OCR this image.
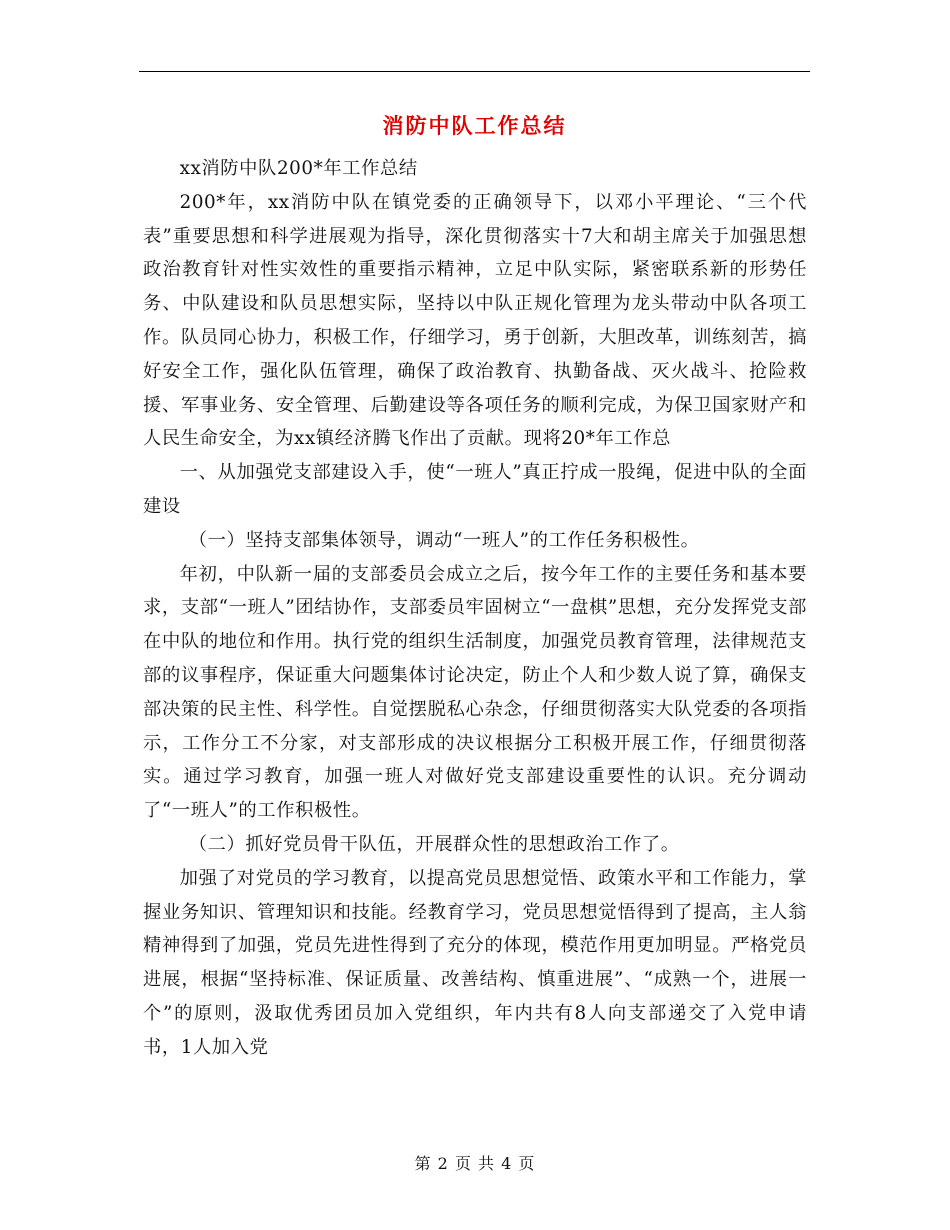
消防中队工作总结

xx消防中队200*年工作总结

200*年，xx消防中队在镇党委的正确领导下，以邓小平理论、“三个代表”重要思想和科学进展观为指导，深化贯彻落实十7大和胡主席关于加强思想政治教育针对性实效性的重要指示精神，立足中队实际，紧密联系新的形势任务、中队建设和队员思想实际，坚持以中队正规化管理为龙头带动中队各项工作。队员同心协力，积极工作，仔细学习，勇于创新，大胆改革，训练刻苦，搞好安全工作，强化队伍管理，确保了政治教育、执勤备战、灭火战斗、抢险救援、军事业务、安全管理、后勤建设等各项任务的顺利完成，为保卫国家财产和人民生命安全，为xx镇经济腾飞作出了贡献。现将20*年工作总

一、从加强党支部建设入手，使“一班人”真正拧成一股绳，促进中队的全面建设

（一）坚持支部集体领导，调动“一班人”的工作任务积极性。

年初，中队新一届的支部委员会成立之后，按今年工作的主要任务和基本要求，支部“一班人”团结协作，支部委员牢固树立“一盘棋”思想，充分发挥党支部在中队的地位和作用。执行党的组织生活制度，加强党员教育管理，法律规范支部的议事程序，保证重大问题集体讨论决定，防止个人和少数人说了算，确保支部决策的民主性、科学性。自觉摆脱私心杂念，仔细贯彻落实大队党委的各项指示，工作分工不分家，对支部形成的决议根据分工积极开展工作，仔细贯彻落实。通过学习教育，加强一班人对做好党支部建设重要性的认识。充分调动了“一班人”的工作积极性。

（二）抓好党员骨干队伍，开展群众性的思想政治工作了。

加强了对党员的学习教育，以提高党员思想觉悟、政策水平和工作能力，掌握业务知识、管理知识和技能。经教育学习，党员思想觉悟得到了提高，主人翁精神得到了加强，党员先进性得到了充分的体现，模范作用更加明显。严格党员进展，根据“坚持标准、保证质量、改善结构、慎重进展”、“成熟一个，进展一个”的原则，汲取优秀团员加入党组织，年内共有8人向支部递交了入党申请书，1人加入党

第 2 页 共 4 页
